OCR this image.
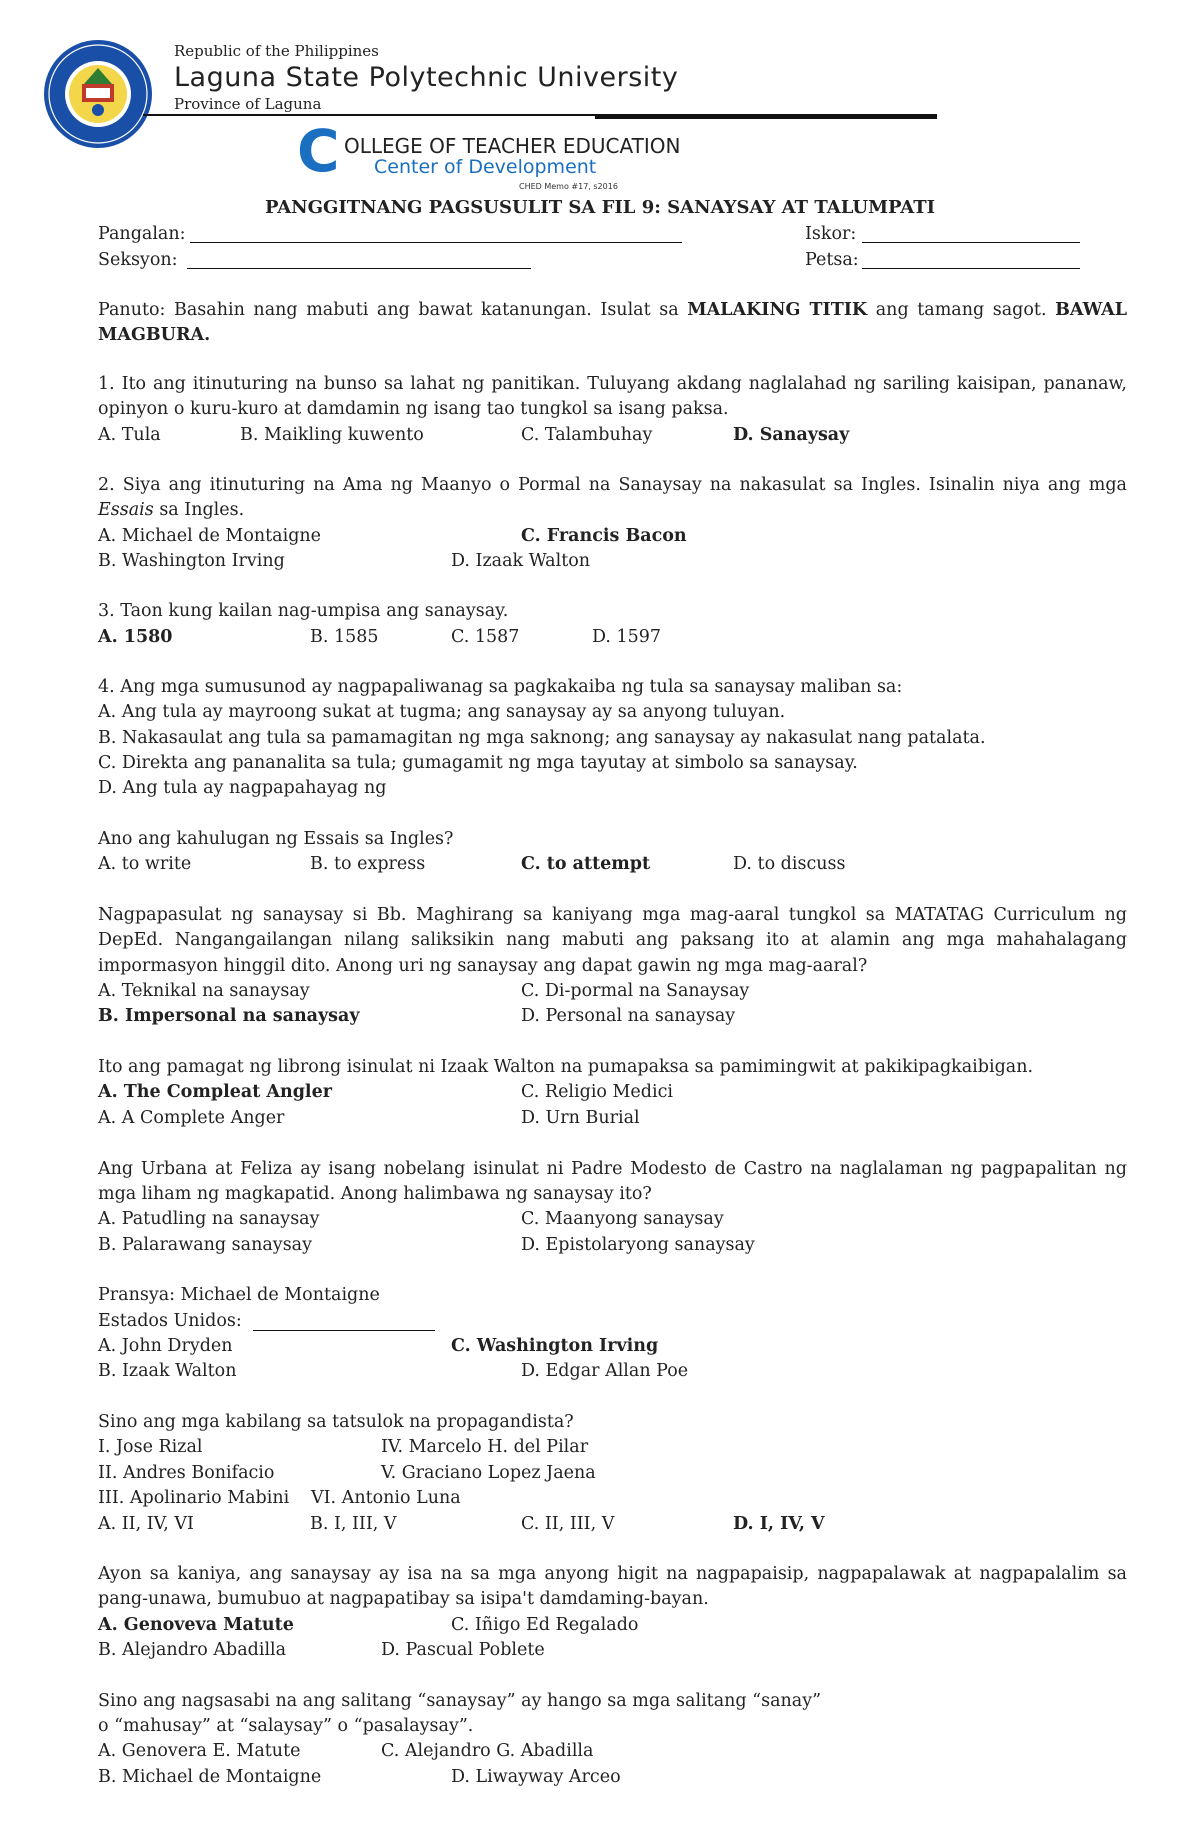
Republic of the Philippines
Laguna State Polytechnic University
Province of Laguna
C OLLEGE OF TEACHER EDUCATION
Center of Development
CHED Memo #17, s2016
PANGGITNANG PAGSUSULIT SA FIL 9: SANAYSAY AT TALUMPATI
Pangalan:	Iskor:
Seksyon:	Petsa:
Panuto: Basahin nang mabuti ang bawat katanungan. Isulat sa MALAKING TITIK ang tamang sagot. BAWAL MAGBURA.
1. Ito ang itinuturing na bunso sa lahat ng panitikan. Tuluyang akdang naglalahad ng sariling kaisipan, pananaw, opinyon o kuru-kuro at damdamin ng isang tao tungkol sa isang paksa.
A. Tula	B. Maikling kuwento	C. Talambuhay	D. Sanaysay
2. Siya ang itinuturing na Ama ng Maanyo o Pormal na Sanaysay na nakasulat sa Ingles. Isinalin niya ang mga Essais sa Ingles.
A. Michael de Montaigne	C. Francis Bacon
B. Washington Irving	D. Izaak Walton
3. Taon kung kailan nag-umpisa ang sanaysay.
A. 1580	B. 1585	C. 1587	D. 1597
4. Ang mga sumusunod ay nagpapaliwanag sa pagkakaiba ng tula sa sanaysay maliban sa:
A. Ang tula ay mayroong sukat at tugma; ang sanaysay ay sa anyong tuluyan.
B. Nakasaulat ang tula sa pamamagitan ng mga saknong; ang sanaysay ay nakasulat nang patalata.
C. Direkta ang pananalita sa tula; gumagamit ng mga tayutay at simbolo sa sanaysay.
D. Ang tula ay nagpapahayag ng
Ano ang kahulugan ng Essais sa Ingles?
A. to write	B. to express	C. to attempt	D. to discuss
Nagpapasulat ng sanaysay si Bb. Maghirang sa kaniyang mga mag-aaral tungkol sa MATATAG Curriculum ng DepEd. Nangangailangan nilang saliksikin nang mabuti ang paksang ito at alamin ang mga mahahalagang impormasyon hinggil dito. Anong uri ng sanaysay ang dapat gawin ng mga mag-aaral?
A. Teknikal na sanaysay	C. Di-pormal na Sanaysay
B. Impersonal na sanaysay	D. Personal na sanaysay
Ito ang pamagat ng librong isinulat ni Izaak Walton na pumapaksa sa pamimingwit at pakikipagkaibigan.
A. The Compleat Angler	C. Religio Medici
A. A Complete Anger	D. Urn Burial
Ang Urbana at Feliza ay isang nobelang isinulat ni Padre Modesto de Castro na naglalaman ng pagpapalitan ng mga liham ng magkapatid. Anong halimbawa ng sanaysay ito?
A. Patudling na sanaysay	C. Maanyong sanaysay
B. Palarawang sanaysay	D. Epistolaryong sanaysay
Pransya: Michael de Montaigne
Estados Unidos:
A. John Dryden	C. Washington Irving
B. Izaak Walton	D. Edgar Allan Poe
Sino ang mga kabilang sa tatsulok na propagandista?
I. Jose Rizal	IV. Marcelo H. del Pilar
II. Andres Bonifacio	V. Graciano Lopez Jaena
III. Apolinario Mabini VI. Antonio Luna
A. II, IV, VI	B. I, III, V	C. II, III, V	D. I, IV, V
Ayon sa kaniya, ang sanaysay ay isa na sa mga anyong higit na nagpapaisip, nagpapalawak at nagpapalalim sa pang-unawa, bumubuo at nagpapatibay sa isipa't damdaming-bayan.
A. Genoveva Matute	C. Iñigo Ed Regalado
B. Alejandro Abadilla	D. Pascual Poblete
Sino ang nagsasabi na ang salitang “sanaysay” ay hango sa mga salitang “sanay”
o “mahusay” at “salaysay” o “pasalaysay”.
A. Genovera E. Matute	C. Alejandro G. Abadilla
B. Michael de Montaigne	D. Liwayway Arceo
